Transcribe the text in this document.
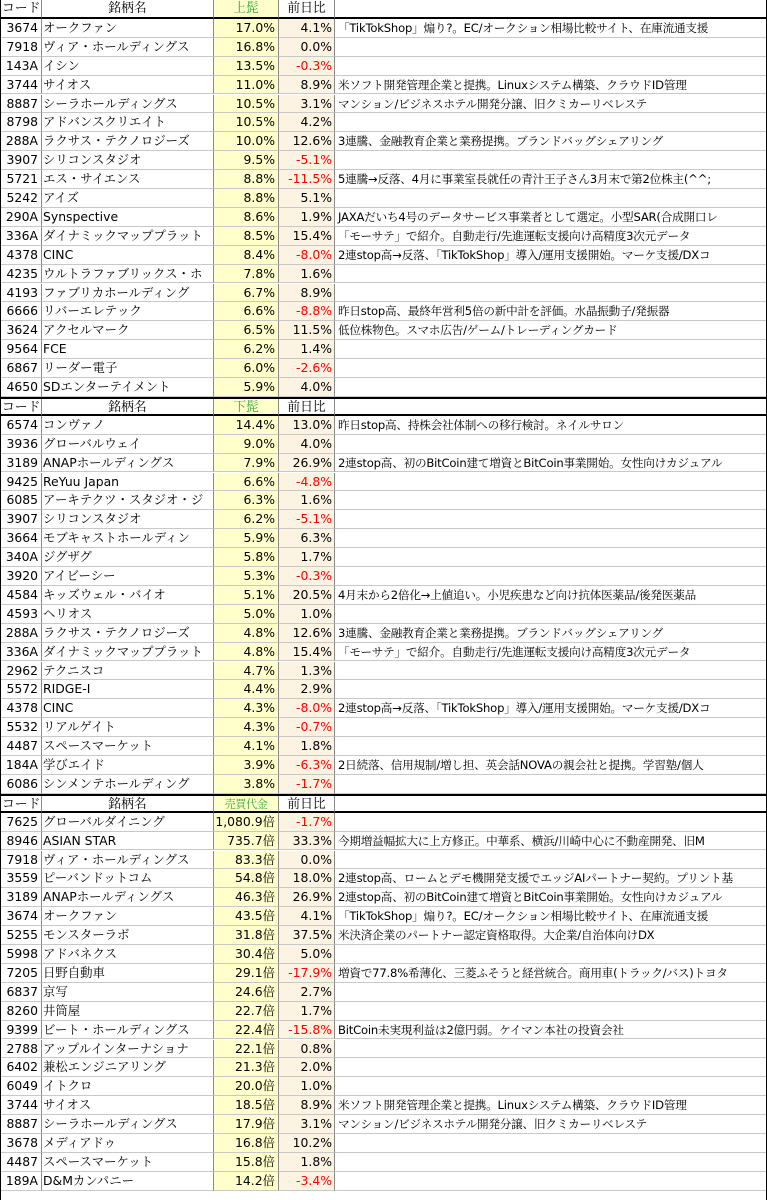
コード	銘柄名	上髭	前日比
3674 オークファン	17.0%	4.1% 「TikTokShop」煽り?。EC/オークション相場比較サイト、在庫流通支援
7918 ヴィア・ホールディングス	16.8%	0.0%
143A イシン	13.5%	-0.3%
3744 サイオス	11.0%	8.9% 米ソフト開発管理企業と提携。Linuxシステム構築、クラウドID管理
8887 シーラホールディングス	10.5%	3.1% マンション/ビジネスホテル開発分譲、旧クミカーリベレステ
8798 アドバンスクリエイト	10.5%	4.2%
288A ラクサス・テクノロジーズ	10.0%	12.6% 3連騰、金融教育企業と業務提携。ブランドバッグシェアリング
3907 シリコンスタジオ	9.5%	-5.1%
5721 エス・サイエンス	8.8%	-11.5% 5連騰→反落、4月に事業室長就任の青汁王子さん3月末で第2位株主(^^;
5242 アイズ	8.8%	5.1%
290A Synspective	8.6%	1.9% JAXAだいち4号のデータサービス事業者として選定。小型SAR(合成開口レ
336A ダイナミックマッププラット	8.5%	15.4% 「モーサテ」で紹介。自動走行/先進運転支援向け高精度3次元データ
4378 CINC	8.4%	-8.0% 2連stop高→反落、「TikTokShop」導入/運用支援開始。マーケ支援/DXコ
4235 ウルトラファブリックス・ホ	7.8%	1.6%
4193 ファブリカホールディング	6.7%	8.9%
6666 リバーエレテック	6.6%	-8.8% 昨日stop高、最終年営利5倍の新中計を評価。水晶振動子/発振器
3624 アクセルマーク	6.5%	11.5% 低位株物色。スマホ広告/ゲーム/トレーディングカード
9564 FCE	6.2%	1.4%
6867 リーダー電子	6.0%	-2.6%
4650 SDエンターテイメント	5.9%	4.0%
コード	銘柄名	下髭	前日比
6574 コンヴァノ	14.4%	13.0% 昨日stop高、持株会社体制への移行検討。ネイルサロン
3936 グローバルウェイ	9.0%	4.0%
3189 ANAPホールディングス	7.9%	26.9% 2連stop高、初のBitCoin建て増資とBitCoin事業開始。女性向けカジュアル
9425 ReYuu Japan	6.6%	-4.8%
6085 アーキテクツ・スタジオ・ジ	6.3%	1.6%
3907 シリコンスタジオ	6.2%	-5.1%
3664 モブキャストホールディン	5.9%	6.3%
340A ジグザグ	5.8%	1.7%
3920 アイビーシー	5.3%	-0.3%
4584 キッズウェル・バイオ	5.1%	20.5% 4月末から2倍化→上値追い。小児疾患など向け抗体医薬品/後発医薬品
4593 ヘリオス	5.0%	1.0%
288A ラクサス・テクノロジーズ	4.8%	12.6% 3連騰、金融教育企業と業務提携。ブランドバッグシェアリング
336A ダイナミックマッププラット	4.8%	15.4% 「モーサテ」で紹介。自動走行/先進運転支援向け高精度3次元データ
2962 テクニスコ	4.7%	1.3%
5572 RIDGE-I	4.4%	2.9%
4378 CINC	4.3%	-8.0% 2連stop高→反落、「TikTokShop」導入/運用支援開始。マーケ支援/DXコ
5532 リアルゲイト	4.3%	-0.7%
4487 スペースマーケット	4.1%	1.8%
184A 学びエイド	3.9%	-6.3% 2日続落、信用規制/増し担、英会話NOVAの親会社と提携。学習塾/個人
6086 シンメンテホールディング	3.8%	-1.7%
コード	銘柄名	売買代金	前日比
7625 グローバルダイニング	1,080.9倍	-1.7%
8946 ASIAN STAR	735.7倍	33.3% 今期増益幅拡大に上方修正。中華系、横浜/川崎中心に不動産開発、旧M
7918 ヴィア・ホールディングス	83.3倍	0.0%
3559 ピーバンドットコム	54.8倍	18.0% 2連stop高、ロームとデモ機開発支援でエッジAIパートナー契約。プリント基
3189 ANAPホールディングス	46.3倍	26.9% 2連stop高、初のBitCoin建て増資とBitCoin事業開始。女性向けカジュアル
3674 オークファン	43.5倍	4.1% 「TikTokShop」煽り?。EC/オークション相場比較サイト、在庫流通支援
5255 モンスターラボ	31.8倍	37.5% 米決済企業のパートナー認定資格取得。大企業/自治体向けDX
5998 アドバネクス	30.4倍	5.0%
7205 日野自動車	29.1倍	-17.9% 増資で77.8%希薄化、三菱ふそうと経営統合。商用車(トラック/バス)トヨタ
6837 京写	24.6倍	2.7%
8260 井筒屋	22.7倍	1.7%
9399 ビート・ホールディングス	22.4倍	-15.8% BitCoin未実現利益は2億円弱。ケイマン本社の投資会社
2788 アップルインターナショナ	22.1倍	0.8%
6402 兼松エンジニアリング	21.3倍	2.0%
6049 イトクロ	20.0倍	1.0%
3744 サイオス	18.5倍	8.9% 米ソフト開発管理企業と提携。Linuxシステム構築、クラウドID管理
8887 シーラホールディングス	17.9倍	3.1% マンション/ビジネスホテル開発分譲、旧クミカーリベレステ
3678 メディアドゥ	16.8倍	10.2%
4487 スペースマーケット	15.8倍	1.8%
189A D&Mカンパニー	14.2倍	-3.4%
